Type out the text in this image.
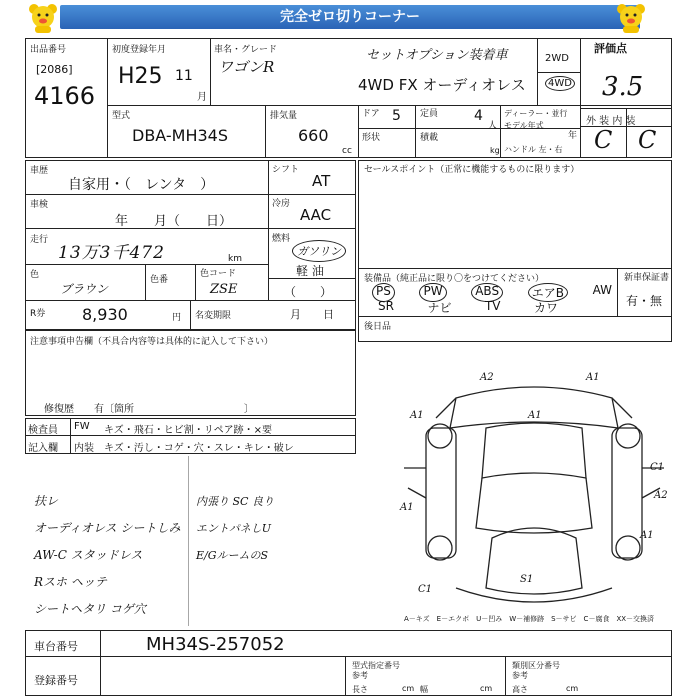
完全ゼロ切りコーナー
出品番号
[2086]
4166
初度登録年月
H25 11
月
車名・グレード
ワゴンR
セットオプション装着車
4WD FX オーディオレス
2WD
4WD
評価点
3.5
外 装 内 装
C C
型式
DBA-MH34S
排気量
660
cc
ドア 5 定員	4
人
ディーラー・並行
モデル年式
年
形状	積載
kg ハンドル 左・右
車歴
自家用・（　レンタ　）
シフト
AT
車検
年　　月（　　日）
冷房
AAC
走行
13万3千472	km
燃料
ガソリン
軽 油
（　　）
色
ブラウン
色番
色コード
ZSE
R券 8,930	円 名変期限	月　　日
セールスポイント（正常に機能するものに限ります）
装備品（純正品に限り〇をつけてください）
PS	PW	ABS	エアB	AW
SR	ナビ	TV	カワ
新車保証書
有・無
後日品
注意事項申告欄（不具合内容等は具体的に記入して下さい）
修復歴　　有〔箇所　　　　　　　　　　　〕
検査員 FW キズ・飛石・ヒビ割・リペア跡・×要
記入欄 内装 キズ・汚し・コゲ・穴・スレ・キレ・破レ
扶レ
オーディオレス シートしみ
AW-C スタッドレス
Rスホ ヘッテ
シートヘタリ コゲ穴
内張り SC 良り
エントパネしU
E/GルームのS
A2	A1
A1
A1
C1
A1
A2
A1
C1
S1
A－キズ　E－エクボ　U－凹み　W－補修跡　S－サビ　C－腐食　XX－交換済
車台番号	MH34S-257052
登録番号
型式指定番号
参考
類別区分番号
参考
長さ	cm 幅	cm 高さ	cm
